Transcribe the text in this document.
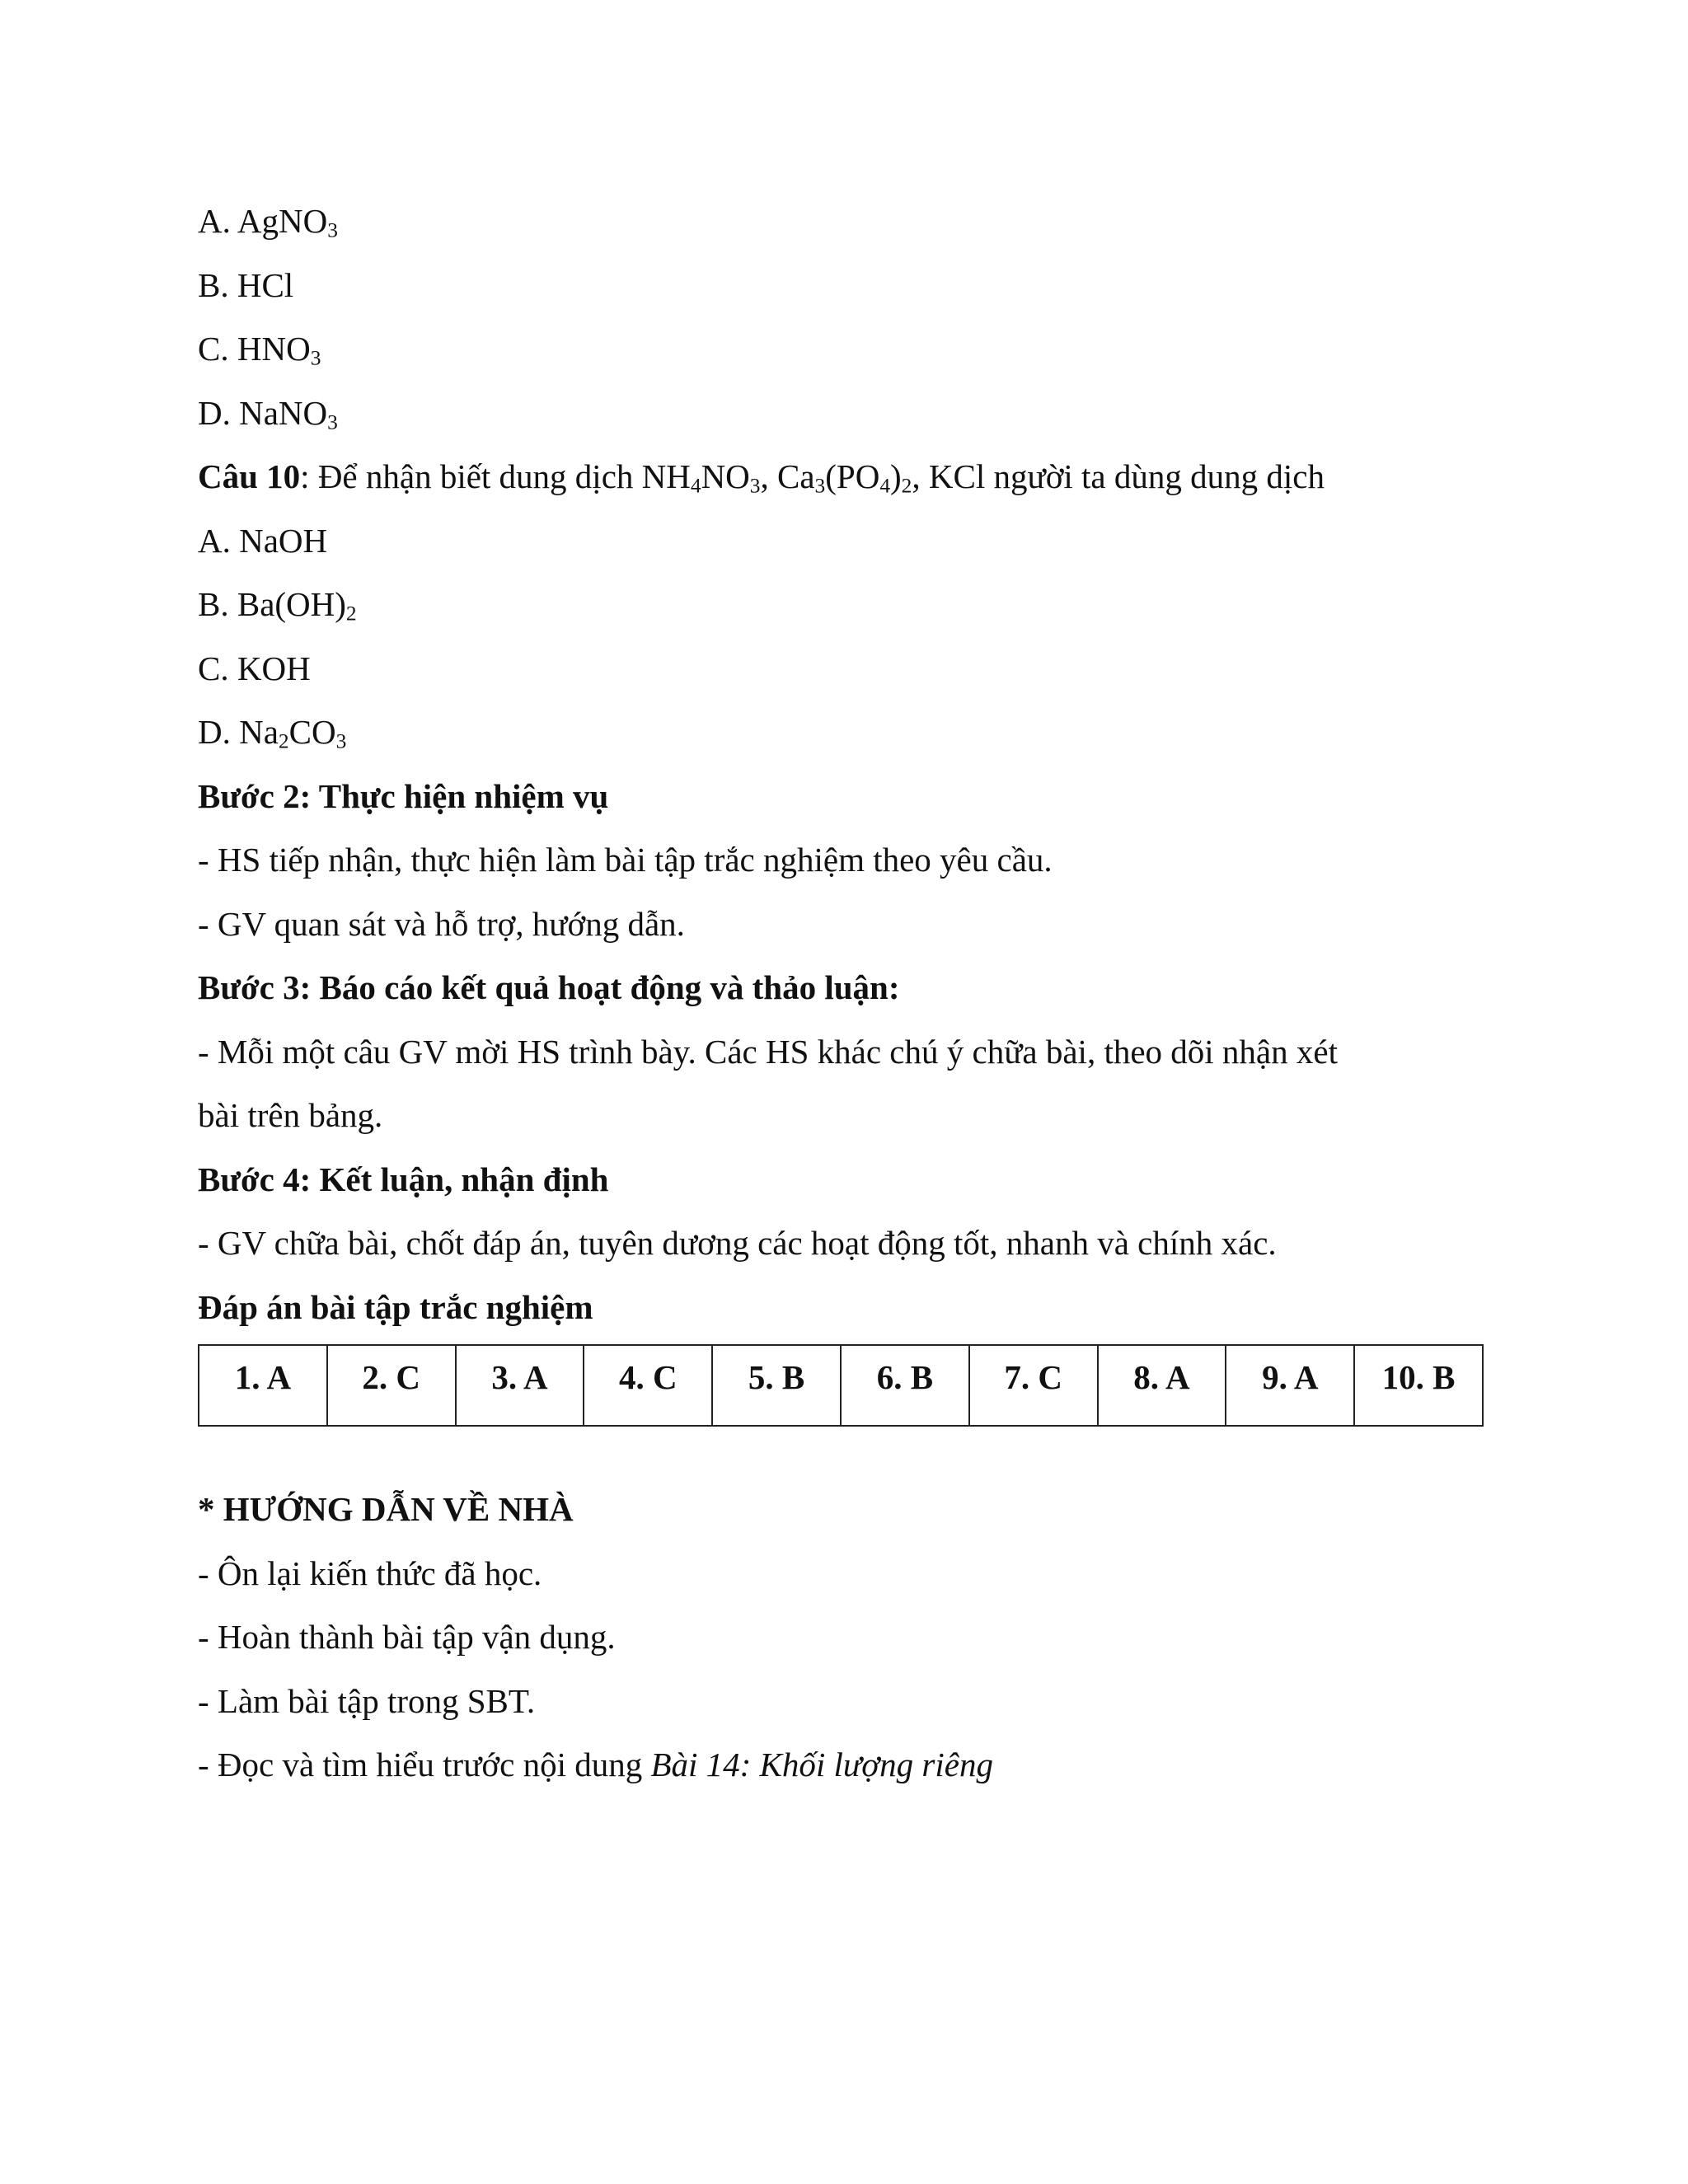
A. AgNO$_3$
B. HCl
C. $HNO_3$
D. NaNO$_3$
Câu 10: Để nhận biết dung dịch $NH_4NO_3$, $Ca_3(PO_4)_2$, KCl người ta dùng dung dịch
A. NaOH
B. $Ba(OH)_2$
C. KOH
D. $Na_2CO_3$
Bước 2: Thực hiện nhiệm vụ
- HS tiếp nhận, thực hiện làm bài tập trắc nghiệm theo yêu cầu.
- GV quan sát và hỗ trợ, hướng dẫn.
Bước 3: Báo cáo kết quả hoạt động và thảo luận:
- Mỗi một câu GV mời HS trình bày. Các HS khác chú ý chữa bài, theo dõi nhận xét
bài trên bảng.
Bước 4: Kết luận, nhận định
- GV chữa bài, chốt đáp án, tuyên dương các hoạt động tốt, nhanh và chính xác.
Đáp án bài tập trắc nghiệm
1. A	2. C	3. A	4. C	5. B	6. B	7. C	8. A	9. A	10. B
* HƯỚNG DẪN VỀ NHÀ
- Ôn lại kiến thức đã học.
- Hoàn thành bài tập vận dụng.
- Làm bài tập trong SBT.
- Đọc và tìm hiểu trước nội dung Bài 14: Khối lượng riêng
